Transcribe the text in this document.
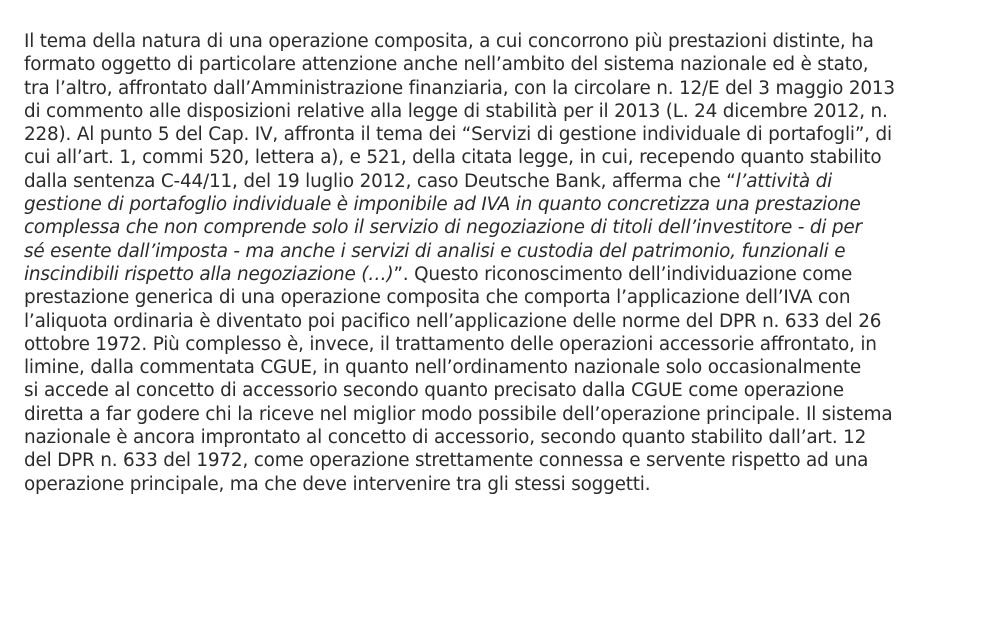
Il tema della natura di una operazione composita, a cui concorrono più prestazioni distinte, ha
formato oggetto di particolare attenzione anche nell’ambito del sistema nazionale ed è stato,
tra l’altro, affrontato dall’Amministrazione finanziaria, con la circolare n. 12/E del 3 maggio 2013
di commento alle disposizioni relative alla legge di stabilità per il 2013 (L. 24 dicembre 2012, n.
228). Al punto 5 del Cap. IV, affronta il tema dei “Servizi di gestione individuale di portafogli”, di
cui all’art. 1, commi 520, lettera a), e 521, della citata legge, in cui, recependo quanto stabilito
dalla sentenza C-44/11, del 19 luglio 2012, caso Deutsche Bank, afferma che “l’attività di
gestione di portafoglio individuale è imponibile ad IVA in quanto concretizza una prestazione
complessa che non comprende solo il servizio di negoziazione di titoli dell’investitore - di per
sé esente dall’imposta - ma anche i servizi di analisi e custodia del patrimonio, funzionali e
inscindibili rispetto alla negoziazione (…)”. Questo riconoscimento dell’individuazione come
prestazione generica di una operazione composita che comporta l’applicazione dell’IVA con
l’aliquota ordinaria è diventato poi pacifico nell’applicazione delle norme del DPR n. 633 del 26
ottobre 1972. Più complesso è, invece, il trattamento delle operazioni accessorie affrontato, in
limine, dalla commentata CGUE, in quanto nell’ordinamento nazionale solo occasionalmente
si accede al concetto di accessorio secondo quanto precisato dalla CGUE come operazione
diretta a far godere chi la riceve nel miglior modo possibile dell’operazione principale. Il sistema
nazionale è ancora improntato al concetto di accessorio, secondo quanto stabilito dall’art. 12
del DPR n. 633 del 1972, come operazione strettamente connessa e servente rispetto ad una
operazione principale, ma che deve intervenire tra gli stessi soggetti.
